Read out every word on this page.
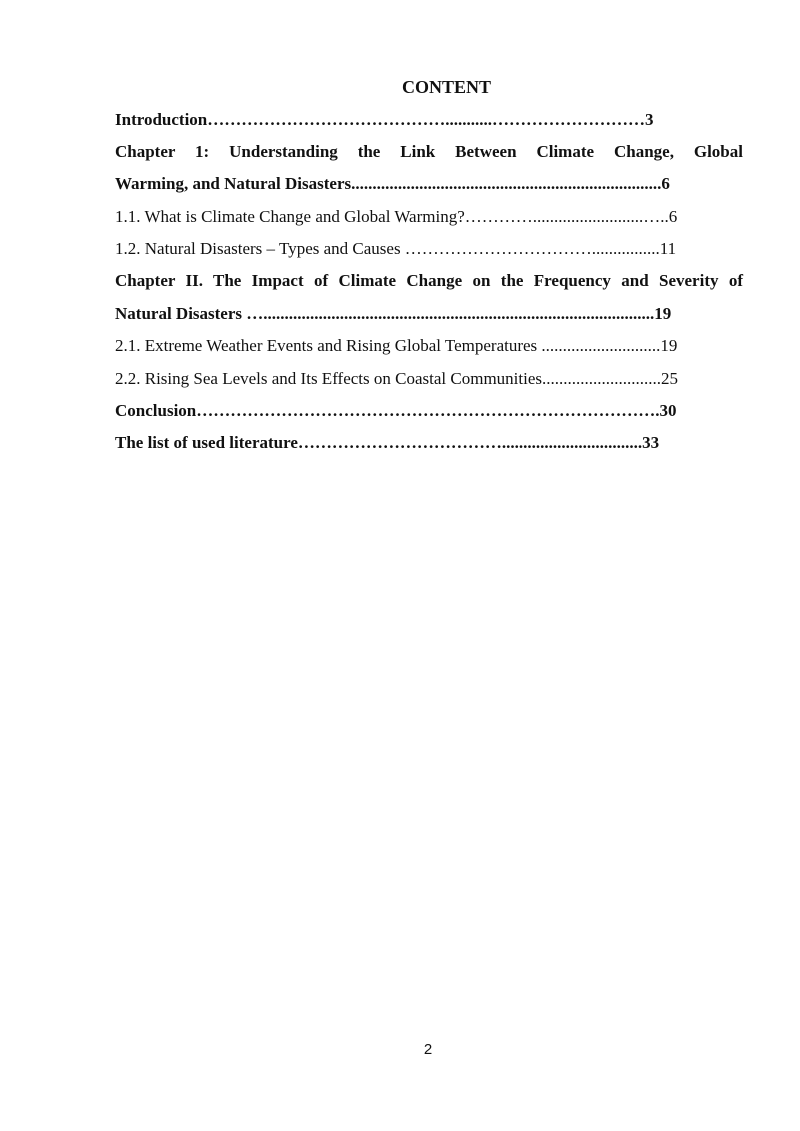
CONTENT
Introduction……………………………………...........………………………3
Chapter 1: Understanding the Link Between Climate Change, Global
Warming, and Natural Disasters.........................................................................6
1.1. What is Climate Change and Global Warming?…………..........................…..6
1.2. Natural Disasters – Types and Causes ……………………………................11
Chapter II. The Impact of Climate Change on the Frequency and Severity of
Natural Disasters …............................................................................................19
2.1. Extreme Weather Events and Rising Global Temperatures ............................19
2.2. Rising Sea Levels and Its Effects on Coastal Communities............................25
Conclusion……………………………………………………………………….30
The list of used literature……………………………….................................33
2
